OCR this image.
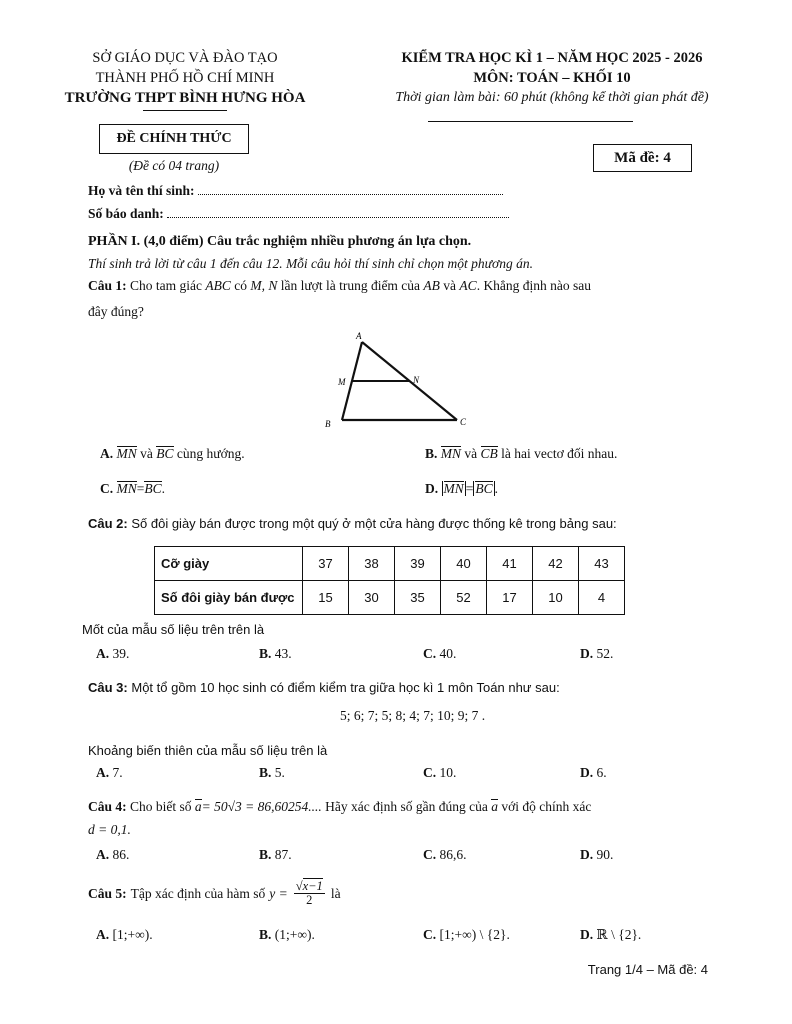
SỞ GIÁO DỤC VÀ ĐÀO TẠO
THÀNH PHỐ HỒ CHÍ MINH
TRƯỜNG THPT BÌNH HƯNG HÒA
KIỂM TRA HỌC KÌ 1 – NĂM HỌC 2025 - 2026
MÔN: TOÁN – KHỐI 10
Thời gian làm bài: 60 phút (không kể thời gian phát đề)
ĐỀ CHÍNH THỨC
(Đề có 04 trang)	Mã đề: 4
Họ và tên thí sinh:
Số báo danh:
PHẦN I. (4,0 điểm) Câu trắc nghiệm nhiều phương án lựa chọn.
Thí sinh trả lời từ câu 1 đến câu 12. Mỗi câu hỏi thí sinh chỉ chọn một phương án.
Câu 1: Cho tam giác ABC có M, N lần lượt là trung điểm của AB và AC. Khẳng định nào sau
đây đúng?
A
M	N
B	C
A. MN và BC cùng hướng.	B. MN và CB là hai vectơ đối nhau.
C. MN=BC.	D. MN = BC .
Câu 2: Số đôi giày bán được trong một quý ở một cửa hàng được thống kê trong bảng sau:
Cỡ giày	37	38	39	40	41	42	43
Số đôi giày bán được	15	30	35	52	17	10	4
Mốt của mẫu số liệu trên trên là
A. 39.	B. 43.	C. 40.	D. 52.
Câu 3: Một tổ gồm 10 học sinh có điểm kiểm tra giữa học kì 1 môn Toán như sau:
5; 6; 7; 5; 8; 4; 7; 10; 9; 7 .
Khoảng biến thiên của mẫu số liệu trên là
A. 7.	B. 5.	C. 10.	D. 6.
Câu 4: Cho biết số a= 50√3 = 86,60254.... Hãy xác định số gần đúng của a với độ chính xác
d = 0,1.
A. 86.	B. 87.	C. 86,6.	D. 90.
Câu 5: Tập xác định của hàm số $y = \frac{√x-1}{2}$ là
A. [1;+∞).	B. (1;+∞).	C. [1;+∞) \ {2}.	D. ℝ \ {2}.
Trang 1/4 – Mã đề: 4
